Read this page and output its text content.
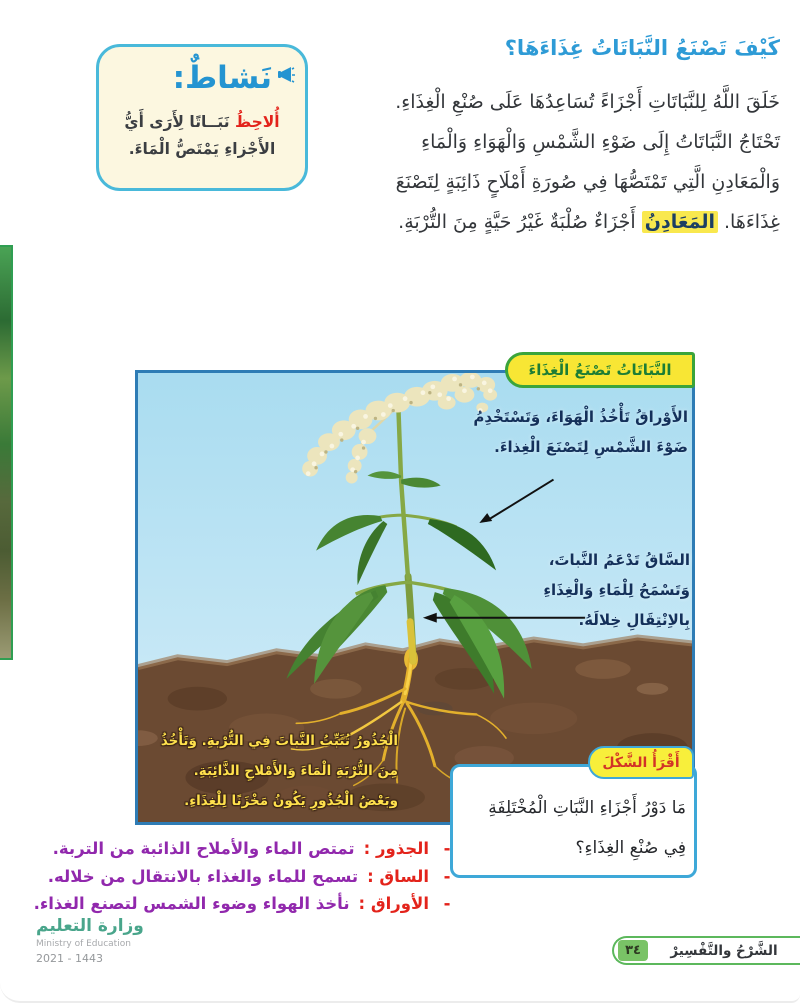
كَيْفَ تَصْنَعُ النَّبَاتَاتُ غِذَاءَهَا؟
خَلَقَ اللَّهُ لِلنَّبَاتَاتِ أَجْزَاءً تُسَاعِدُهَا عَلَى صُنْعِ الْغِذَاءِ.
تَحْتَاجُ النَّبَاتَاتُ إِلَى ضَوْءِ الشَّمْسِ وَالْهَوَاءِ وَالْمَاءِ
وَالْمَعَادِنِ الَّتِي تَمْتَصُّهَا فِي صُورَةِ أَمْلَاحٍ ذَائِبَةٍ لِتَصْنَعَ
غِذَاءَهَا. المَعَادِنُ أَجْزَاءٌ صُلْبَةٌ غَيْرُ حَيَّةٍ مِنَ التُّرْبَةِ.
نَشاطٌ:
أُلاحِظُ نَبَــاتًا لِأَرَى أَيُّ
الأَجْزاءِ يَمْتَصُّ الْمَاءَ.
النَّبَاتَاتُ تَصْنَعُ الْغِذَاءَ
الأَوْراقُ تَأْخُذُ الْهَوَاءَ، وَتَسْتَخْدِمُ
ضَوْءَ الشَّمْسِ لِتَصْنَعَ الْغِذاءَ.
السَّاقُ تَدْعَمُ النَّباتَ،
وَتَسْمَحُ لِلْمَاءِ وَالْغِذَاءِ
بِالاِنْتِقَالِ خِلالَهُ.
الْجُذُورُ تُثَبِّتُ النَّباتَ فِي التُّرْبةِ. وَتَأْخُذُ
مِنَ التُّرْبَةِ الْمَاءَ وَالأَمْلاحِ الذَّائِبَةِ.
وبَعْضُ الْجُذُورِ يَكُونُ مَخْزَنًا لِلْغِذَاءِ.
أَقْرَأُ الشَّكْلَ
مَا دَوْرُ أَجْزَاءِ النَّبَاتِ الْمُخْتَلِفَةِ
فِي صُنْعِ الغِذَاءِ؟
-
الجذور :
تمتص الماء والأملاح الذائبة من التربة.
-
الساق :
تسمح للماء والغذاء بالانتقال من خلاله.
-
الأوراق :
نأخذ الهواء وضوء الشمس لتصنع الغذاء.
وزارة التعليم
Ministry of Education
2021 - 1443	٣٤	الشَّرْحُ والتَّفْسِيرْ
